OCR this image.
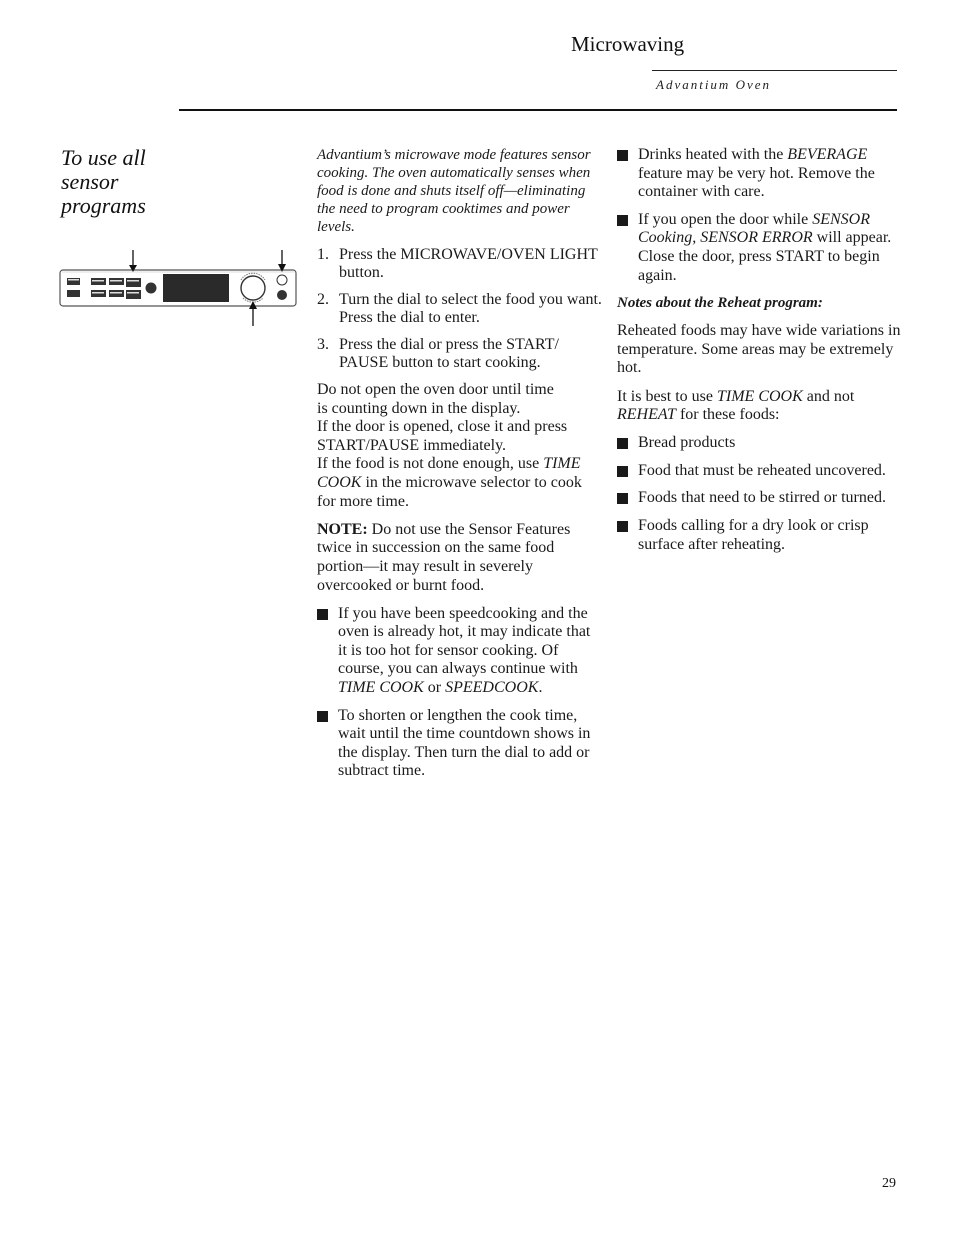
Microwaving
Advantium Oven
To use all sensor programs

Advantium’s microwave mode features sensor cooking. The oven automatically senses when food is done and shuts itself off—eliminating the need to program cooktimes and power levels.

1. Press the MICROWAVE/OVEN LIGHT button.
2. Turn the dial to select the food you want. Press the dial to enter.
3. Press the dial or press the START/ PAUSE button to start cooking.

Do not open the oven door until time
is counting down in the display.
If the door is opened, close it and press START/PAUSE immediately.
If the food is not done enough, use TIME COOK in the microwave selector to cook for more time.

NOTE: Do not use the Sensor Features twice in succession on the same food portion—it may result in severely overcooked or burnt food.

If you have been speedcooking and the oven is already hot, it may indicate that it is too hot for sensor cooking. Of course, you can always continue with TIME COOK or SPEEDCOOK.
To shorten or lengthen the cook time, wait until the time countdown shows in the display. Then turn the dial to add or subtract time.
Drinks heated with the BEVERAGE feature may be very hot. Remove the container with care.
If you open the door while SENSOR Cooking, SENSOR ERROR will appear. Close the door, press START to begin again.

Notes about the Reheat program:

Reheated foods may have wide variations in temperature. Some areas may be extremely hot.

It is best to use TIME COOK and not REHEAT for these foods:

Bread products
Food that must be reheated uncovered.
Foods that need to be stirred or turned.
Foods calling for a dry look or crisp surface after reheating.
29
